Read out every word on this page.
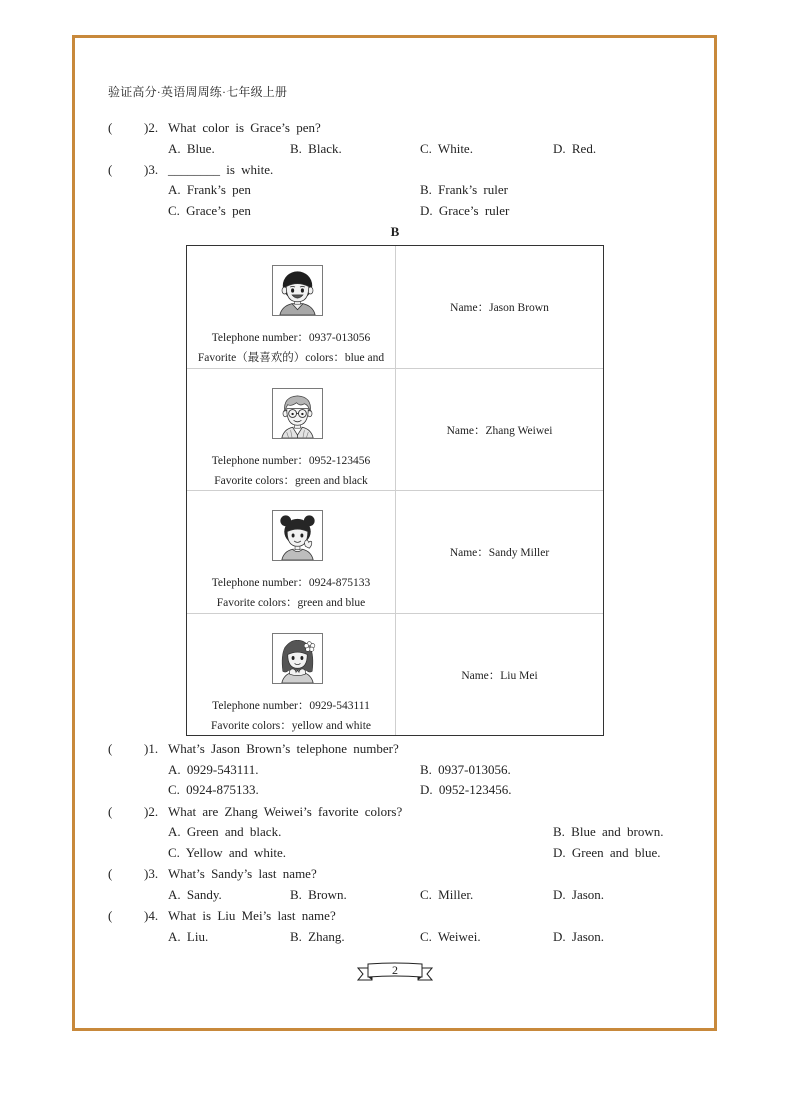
验证高分·英语周周练·七年级上册
( )2. What color is Grace’s pen?
A. Blue.	B. Black.	C. White.	D. Red.
( )3. ________ is white.
A. Frank’s pen	B. Frank’s ruler
C. Grace’s pen	D. Grace’s ruler
B
Telephone number：0937-013056
Favorite（最喜欢的）colors：blue and
Name：Jason Brown
Telephone number：0952-123456
Favorite colors：green and black
Name：Zhang Weiwei
Telephone number：0924-875133
Favorite colors：green and blue
Name：Sandy Miller
Telephone number：0929-543111
Favorite colors：yellow and white
Name：Liu Mei
( )1. What’s Jason Brown’s telephone number?
A. 0929-543111.	B. 0937-013056.
C. 0924-875133.	D. 0952-123456.
( )2. What are Zhang Weiwei’s favorite colors?
A. Green and black.	B. Blue and brown.
C. Yellow and white.	D. Green and blue.
( )3. What’s Sandy’s last name?
A. Sandy.	B. Brown.	C. Miller.	D. Jason.
( )4. What is Liu Mei’s last name?
A. Liu.	B. Zhang.	C. Weiwei.	D. Jason.
2
